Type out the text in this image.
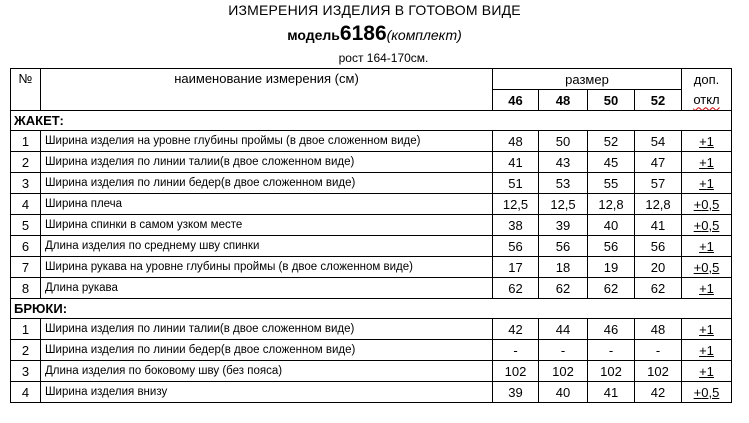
ИЗМЕРЕНИЯ ИЗДЕЛИЯ В ГОТОВОМ ВИДЕ
модель6186(комплект)
рост 164-170см.
№	наименование измерения (см)	размер				доп.
		46	48	50	52	откл
ЖАКЕТ:						
1	Ширина изделия на уровне глубины проймы (в двое сложенном виде)	48	50	52	54	+1
2	Ширина изделия по линии талии(в двое сложенном виде)	41	43	45	47	+1
3	Ширина изделия по линии бедер(в двое сложенном виде)	51	53	55	57	+1
4	Ширина плеча	12,5	12,5	12,8	12,8	+0,5
5	Ширина спинки в самом узком месте	38	39	40	41	+0,5
6	Длина изделия по среднему шву спинки	56	56	56	56	+1
7	Ширина рукава на уровне глубины проймы (в двое сложенном виде)	17	18	19	20	+0,5
8	Длина рукава	62	62	62	62	+1
БРЮКИ:						
1	Ширина изделия по линии талии(в двое сложенном виде)	42	44	46	48	+1
2	Ширина изделия по линии бедер(в двое сложенном виде)	-	-	-	-	+1
3	Длина изделия по боковому шву (без пояса)	102	102	102	102	+1
4	Ширина изделия внизу	39	40	41	42	+0,5
